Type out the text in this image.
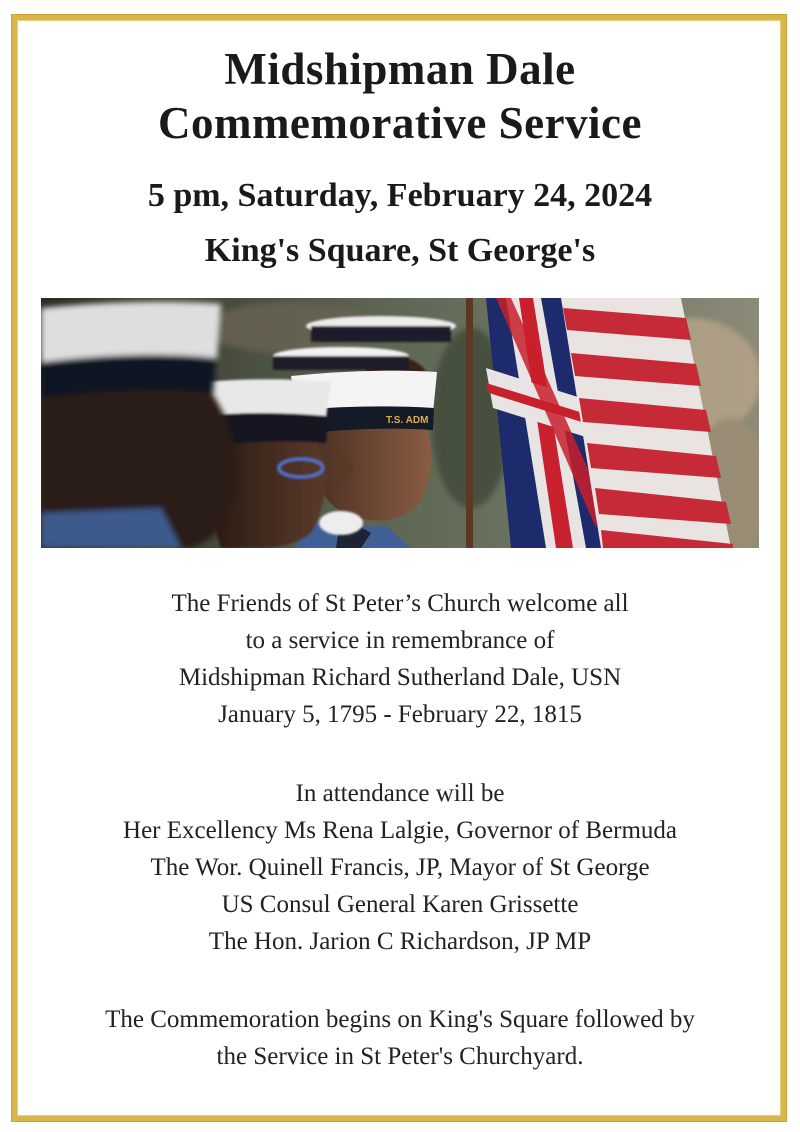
Midshipman Dale
Commemorative Service

5 pm, Saturday, February 24, 2024

King's Square, St George's

T.S. ADM

The Friends of St Peter’s Church welcome all
to a service in remembrance of
Midshipman Richard Sutherland Dale, USN
January 5, 1795 - February 22, 1815

In attendance will be
Her Excellency Ms Rena Lalgie, Governor of Bermuda
The Wor. Quinell Francis, JP, Mayor of St George
US Consul General Karen Grissette
The Hon. Jarion C Richardson, JP MP

The Commemoration begins on King's Square followed by
the Service in St Peter's Churchyard.
